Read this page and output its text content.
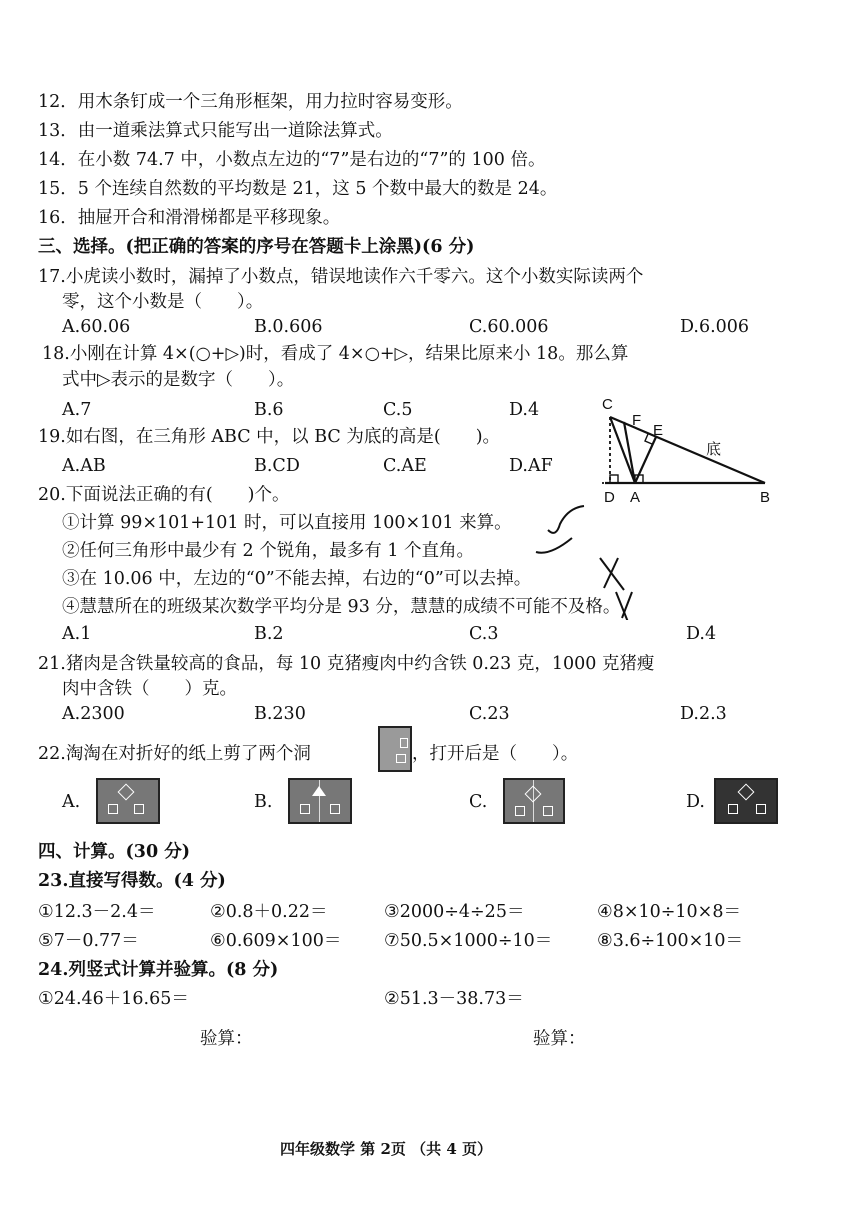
12．用木条钉成一个三角形框架，用力拉时容易变形。
13．由一道乘法算式只能写出一道除法算式。
14．在小数 74.7 中，小数点左边的“7”是右边的“7”的 100 倍。
15．5 个连续自然数的平均数是 21，这 5 个数中最大的数是 24。
16．抽屉开合和滑滑梯都是平移现象。
三、选择。(把正确的答案的序号在答题卡上涂黑)(6 分)
17.小虎读小数时，漏掉了小数点，错误地读作六千零六。这个小数实际读两个
零，这个小数是（　　）。
A.60.06	B.0.606	C.60.006	D.6.006
18.小刚在计算 4×(○+▷)时，看成了 4×○+▷，结果比原来小 18。那么算
式中▷表示的是数字（　　）。
A.7	B.6	C.5	D.4
19.如右图，在三角形 ABC 中，以 BC 为底的高是(　　)。
A.AB	B.CD	C.AE	D.AF
C
F
E
D A	B
底
20.下面说法正确的有(　　)个。
①计算 99×101+101 时，可以直接用 100×101 来算。
②任何三角形中最少有 2 个锐角，最多有 1 个直角。
③在 10.06 中，左边的“0”不能去掉，右边的“0”可以去掉。
④慧慧所在的班级某次数学平均分是 93 分，慧慧的成绩不可能不及格。
A.1	B.2	C.3	D.4
21.猪肉是含铁量较高的食品，每 10 克猪瘦肉中约含铁 0.23 克，1000 克猪瘦
肉中含铁（　　）克。
A.2300	B.230	C.23	D.2.3
22.淘淘在对折好的纸上剪了两个洞	，打开后是（　　）。
A.	B.	C.	D.
四、计算。(30 分)
23.直接写得数。(4 分)
①12.3－2.4＝	②0.8＋0.22＝	③2000÷4÷25＝	④8×10÷10×8＝
⑤7－0.77＝	⑥0.609×100＝ ⑦50.5×1000÷10＝	⑧3.6÷100×10＝
24.列竖式计算并验算。(8 分)
①24.46＋16.65＝	②51.3－38.73＝
验算：	验算：
四年级数学 第 2页 （共 4 页）
